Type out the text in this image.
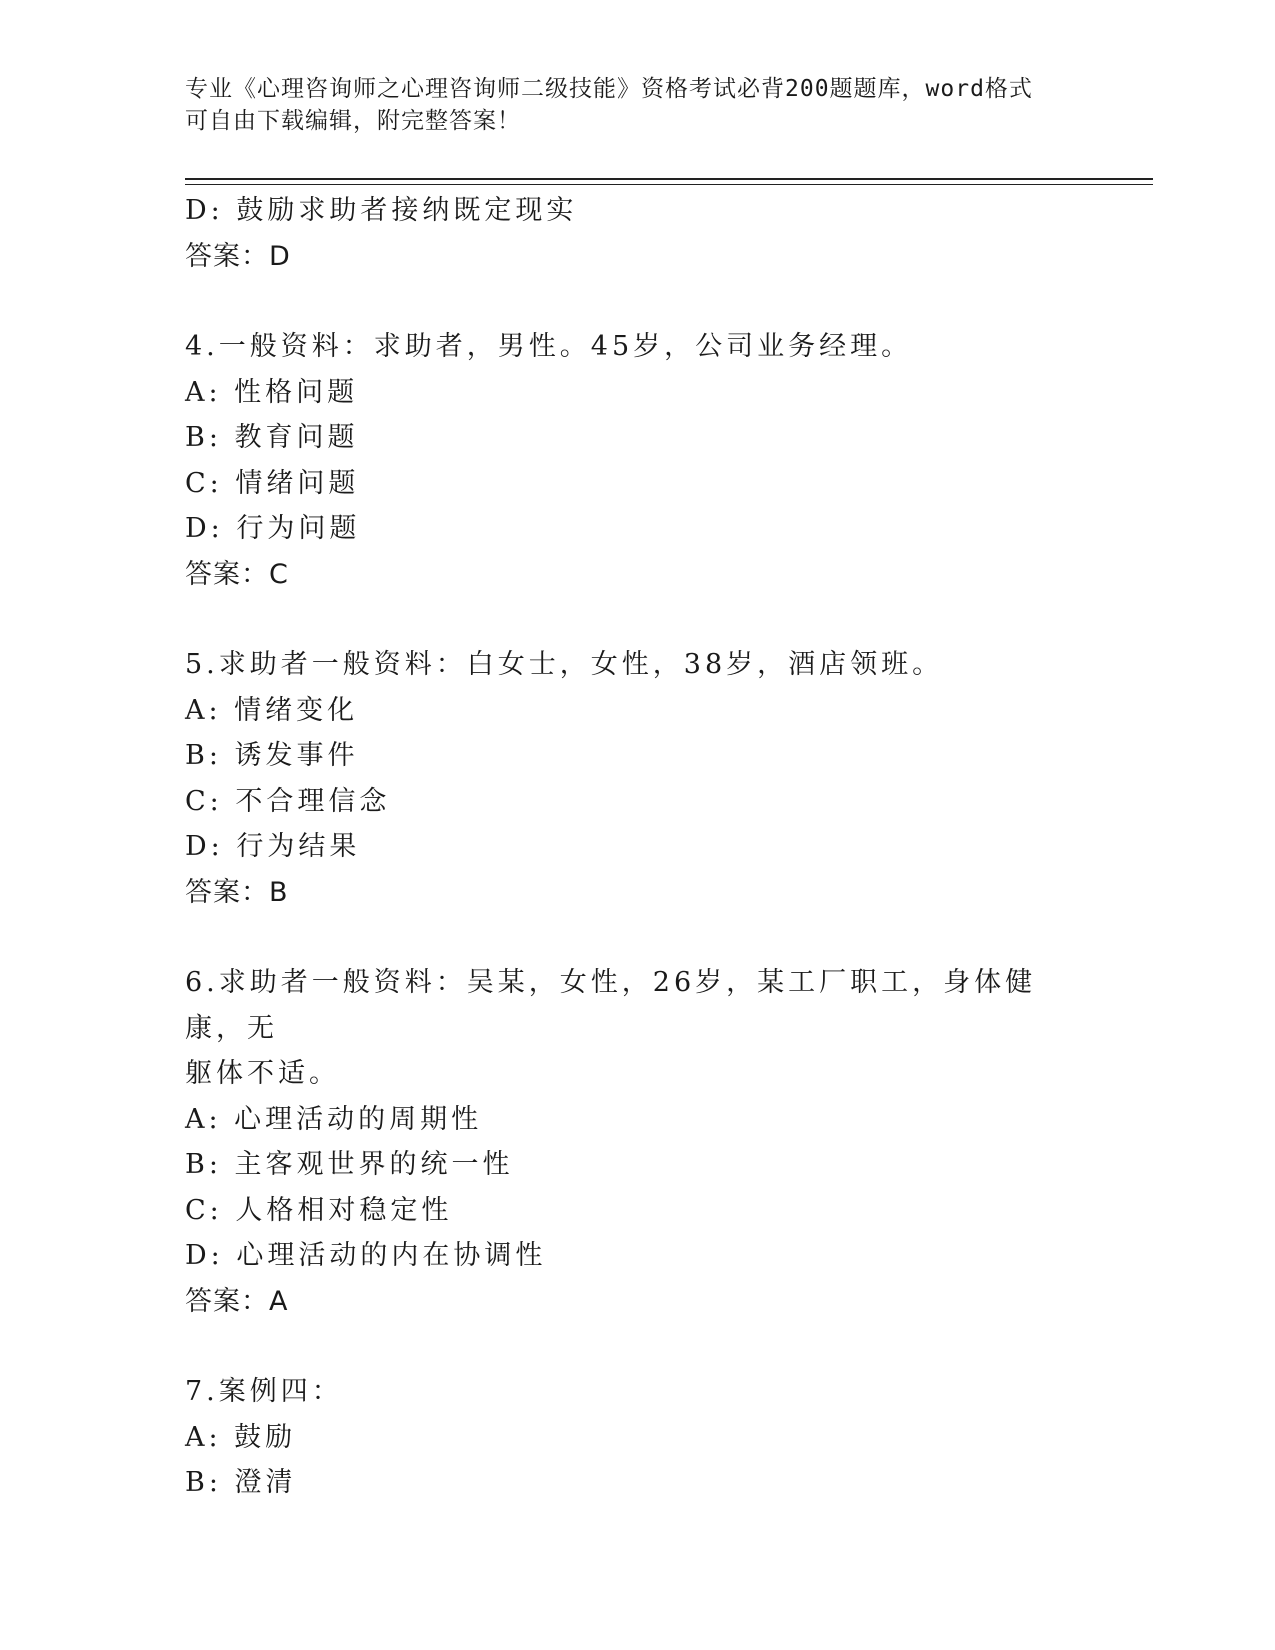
专业《心理咨询师之心理咨询师二级技能》资格考试必背200题题库，word格式
可自由下载编辑，附完整答案！
D: 鼓励求助者接纳既定现实
答案：D
4.一般资料：求助者，男性。45岁，公司业务经理。
A: 性格问题
B: 教育问题
C: 情绪问题
D: 行为问题
答案：C
5.求助者一般资料：白女士，女性，38岁，酒店领班。
A: 情绪变化
B: 诱发事件
C: 不合理信念
D: 行为结果
答案：B
6.求助者一般资料：吴某，女性，26岁，某工厂职工，身体健康，无
躯体不适。
A: 心理活动的周期性
B: 主客观世界的统一性
C: 人格相对稳定性
D: 心理活动的内在协调性
答案：A
7.案例四：
A: 鼓励
B: 澄清
